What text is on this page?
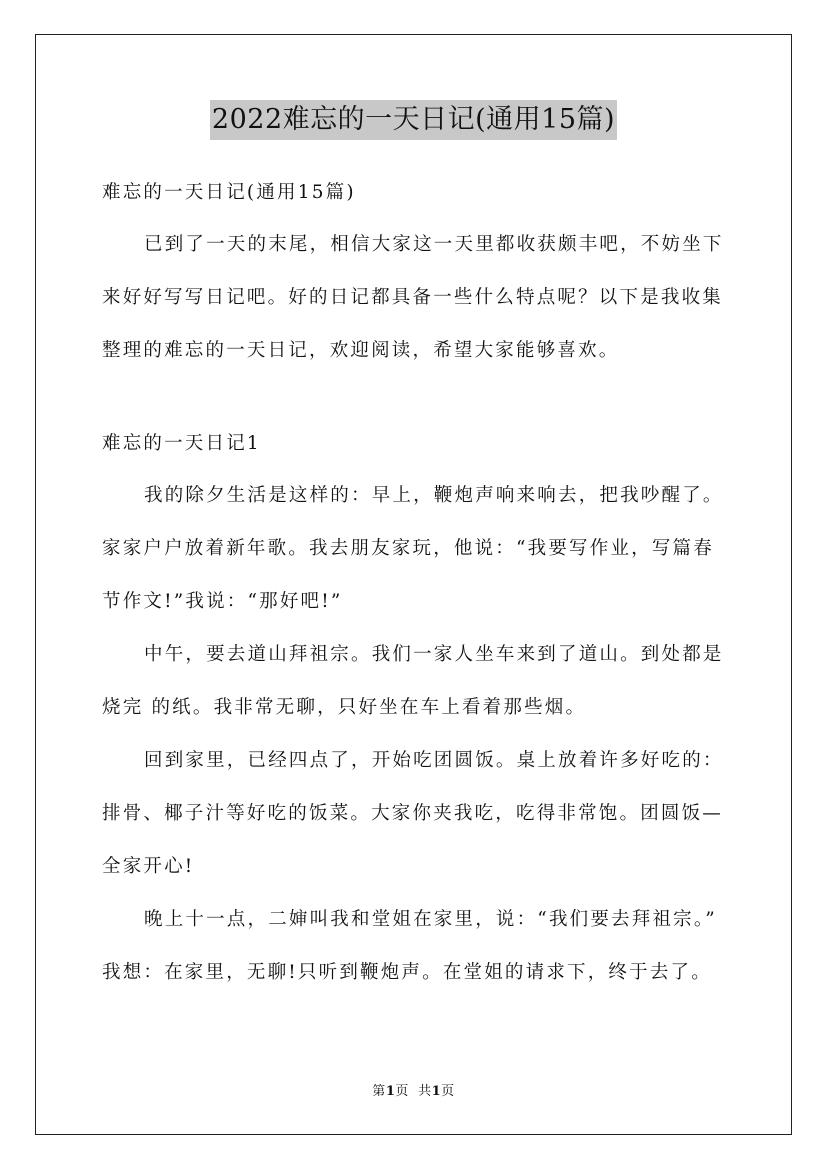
2022难忘的一天日记(通用15篇)
难忘的一天日记(通用15篇)
已到了一天的末尾，相信大家这一天里都收获颇丰吧，不妨坐下
来好好写写日记吧。好的日记都具备一些什么特点呢？以下是我收集
整理的难忘的一天日记，欢迎阅读，希望大家能够喜欢。
难忘的一天日记1
我的除夕生活是这样的：早上，鞭炮声响来响去，把我吵醒了。
家家户户放着新年歌。我去朋友家玩，他说：“我要写作业，写篇春
节作文!”我说：“那好吧!”
中午，要去道山拜祖宗。我们一家人坐车来到了道山。到处都是
烧完 的纸。我非常无聊，只好坐在车上看着那些烟。
回到家里，已经四点了，开始吃团圆饭。桌上放着许多好吃的：
排骨、椰子汁等好吃的饭菜。大家你夹我吃，吃得非常饱。团圆饭—
全家开心!
晚上十一点，二婶叫我和堂姐在家里，说：“我们要去拜祖宗。”
我想：在家里，无聊!只听到鞭炮声。在堂姐的请求下，终于去了。
第1页  共1页
